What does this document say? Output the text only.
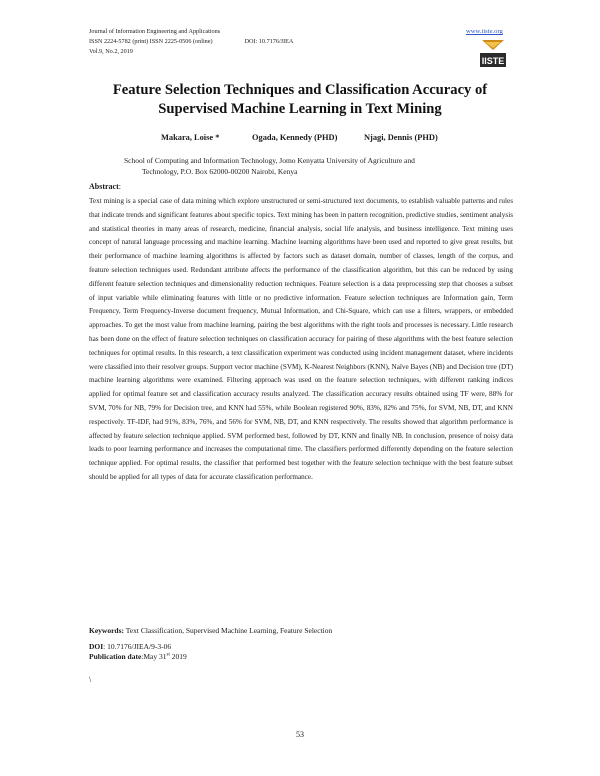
Journal of Information Engineering and Applications
ISSN 2224-5782 (print) ISSN 2225-0506 (online)	DOI: 10.7176/JIEA
Vol.9, No.2, 2019
www.iiste.org
IISTE
Feature Selection Techniques and Classification Accuracy of
Supervised Machine Learning in Text Mining
Makara, Loise *	Ogada, Kennedy (PHD)	Njagi, Dennis (PHD)
School of Computing and Information Technology, Jomo Kenyatta University of Agriculture and
Technology, P.O. Box 62000-00200 Nairobi, Kenya
Abstract:
Text mining is a special case of data mining which explore unstructured or semi-structured text documents, to establish valuable patterns and rules that indicate trends and significant features about specific topics. Text mining has been in pattern recognition, predictive studies, sentiment analysis and statistical theories in many areas of research, medicine, financial analysis, social life analysis, and business intelligence. Text mining uses concept of natural language processing and machine learning. Machine learning algorithms have been used and reported to give great results, but their performance of machine learning algorithms is affected by factors such as dataset domain, number of classes, length of the corpus, and feature selection techniques used. Redundant attribute affects the performance of the classification algorithm, but this can be reduced by using different feature selection techniques and dimensionality reduction techniques. Feature selection is a data preprocessing step that chooses a subset of input variable while eliminating features with little or no predictive information. Feature selection techniques are Information gain, Term Frequency, Term Frequency-Inverse document frequency, Mutual Information, and Chi-Square, which can use a filters, wrappers, or embedded approaches. To get the most value from machine learning, pairing the best algorithms with the right tools and processes is necessary. Little research has been done on the effect of feature selection techniques on classification accuracy for pairing of these algorithms with the best feature selection techniques for optimal results. In this research, a text classification experiment was conducted using incident management dataset, where incidents were classified into their resolver groups. Support vector machine (SVM), K-Nearest Neighbors (KNN), Naïve Bayes (NB) and Decision tree (DT) machine learning algorithms were examined. Filtering approach was used on the feature selection techniques, with different ranking indices applied for optimal feature set and classification accuracy results analyzed. The classification accuracy results obtained using TF were, 88% for SVM, 70% for NB, 79% for Decision tree, and KNN had 55%, while Boolean registered 90%, 83%, 82% and 75%, for SVM, NB, DT, and KNN respectively. TF-IDF, had 91%, 83%, 76%, and 56% for SVM, NB, DT, and KNN respectively. The results showed that algorithm performance is affected by feature selection technique applied. SVM performed best, followed by DT, KNN and finally NB. In conclusion, presence of noisy data leads to poor learning performance and increases the computational time. The classifiers performed differently depending on the feature selection technique applied. For optimal results, the classifier that performed best together with the feature selection technique with the best feature subset should be applied for all types of data for accurate classification performance.
Keywords: Text Classification, Supervised Machine Learning, Feature Selection
DOI: 10.7176/JIEA/9-3-06
Publication date:May 31st 2019
\
53
